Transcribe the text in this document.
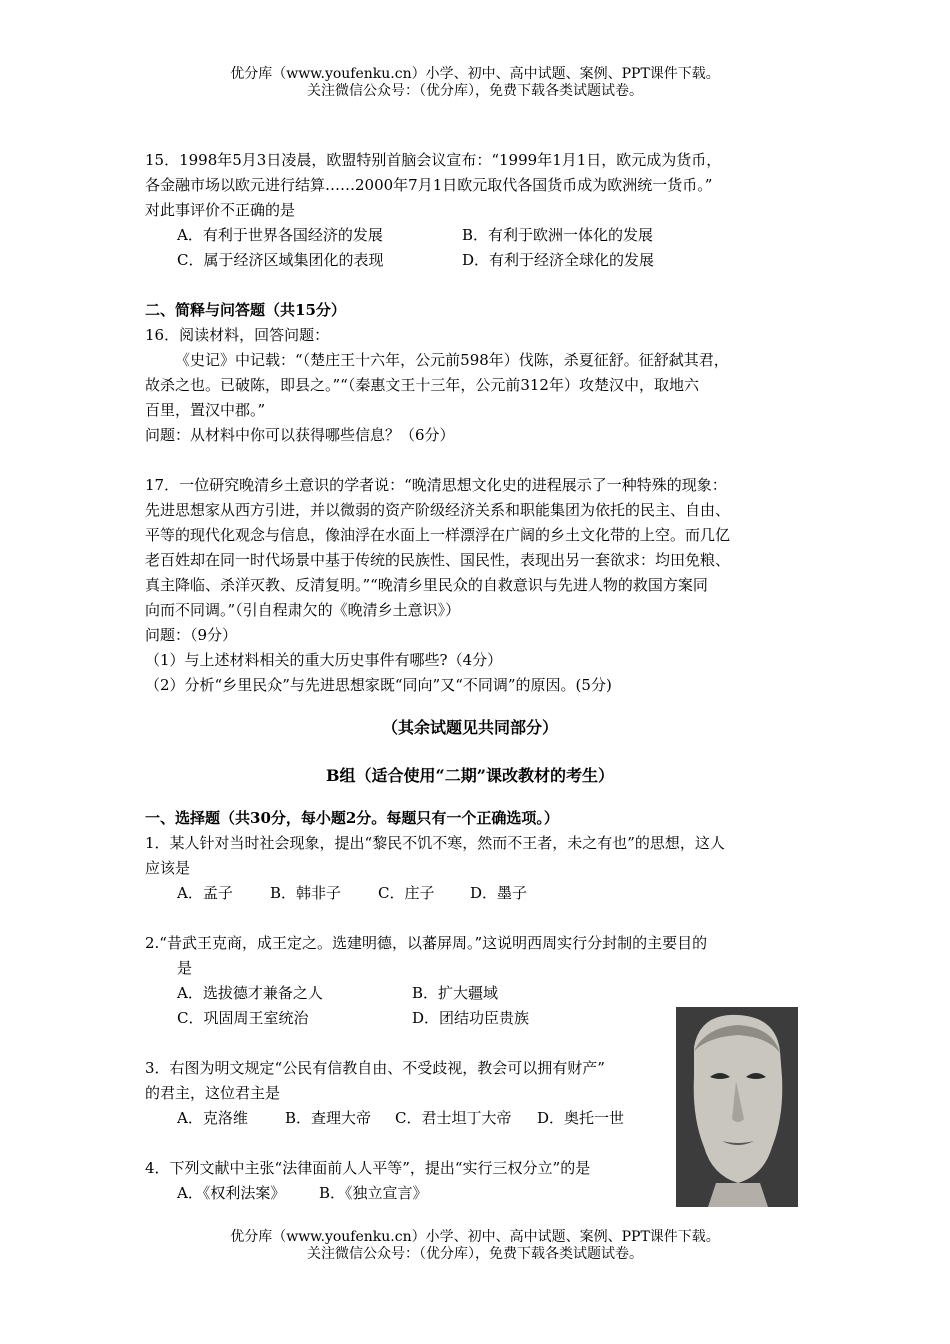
优分库（www.youfenku.cn）小学、初中、高中试题、案例、PPT课件下载。
关注微信公众号：（优分库），免费下载各类试题试卷。

15．1998年5月3日凌晨，欧盟特别首脑会议宣布：“1999年1月1日，欧元成为货币，

各金融市场以欧元进行结算……2000年7月1日欧元取代各国货币成为欧洲统一货币。”

对此事评价不正确的是

A．有利于世界各国经济的发展	B．有利于欧洲一体化的发展
C．属于经济区域集团化的表现	D．有利于经济全球化的发展

二、简释与问答题（共15分）

16．阅读材料，回答问题：

《史记》中记载：“（楚庄王十六年，公元前598年）伐陈，杀夏征舒。征舒弑其君，

故杀之也。已破陈，即县之。”“（秦惠文王十三年，公元前312年）攻楚汉中，取地六

百里，置汉中郡。”

问题：从材料中你可以获得哪些信息？（6分）

17．一位研究晚清乡土意识的学者说：“晚清思想文化史的进程展示了一种特殊的现象：

先进思想家从西方引进，并以微弱的资产阶级经济关系和职能集团为依托的民主、自由、

平等的现代化观念与信息，像油浮在水面上一样漂浮在广阔的乡土文化带的上空。而几亿

老百姓却在同一时代场景中基于传统的民族性、国民性，表现出另一套欲求：均田免粮、

真主降临、杀洋灭教、反清复明。”“晚清乡里民众的自救意识与先进人物的救国方案同

向而不同调。”（引自程肃欠的《晚清乡土意识》）

问题：（9分）

（1）与上述材料相关的重大历史事件有哪些?（4分）

（2）分析“乡里民众”与先进思想家既“同向”又“不同调”的原因。(5分)

（其余试题见共同部分）

B组（适合使用“二期”课改教材的考生）

一、选择题（共30分，每小题2分。每题只有一个正确选项。）

1．某人针对当时社会现象，提出“黎民不饥不寒，然而不王者，未之有也”的思想，这人

应该是

A．孟子	B．韩非子	C．庄子	D．墨子

2.“昔武王克商，成王定之。选建明德，以蕃屏周。”这说明西周实行分封制的主要目的

是

A．选拔德才兼备之人	B．扩大疆域
C．巩固周王室统治	D．团结功臣贵族

3．右图为明文规定“公民有信教自由、不受歧视，教会可以拥有财产”

的君主，这位君主是

A．克洛维	B．查理大帝	C．君士坦丁大帝	D．奥托一世

4．下列文献中主张“法律面前人人平等”，提出“实行三权分立”的是

A．《权利法案》	B．《独立宣言》
优分库（www.youfenku.cn）小学、初中、高中试题、案例、PPT课件下载。
关注微信公众号：（优分库），免费下载各类试题试卷。
